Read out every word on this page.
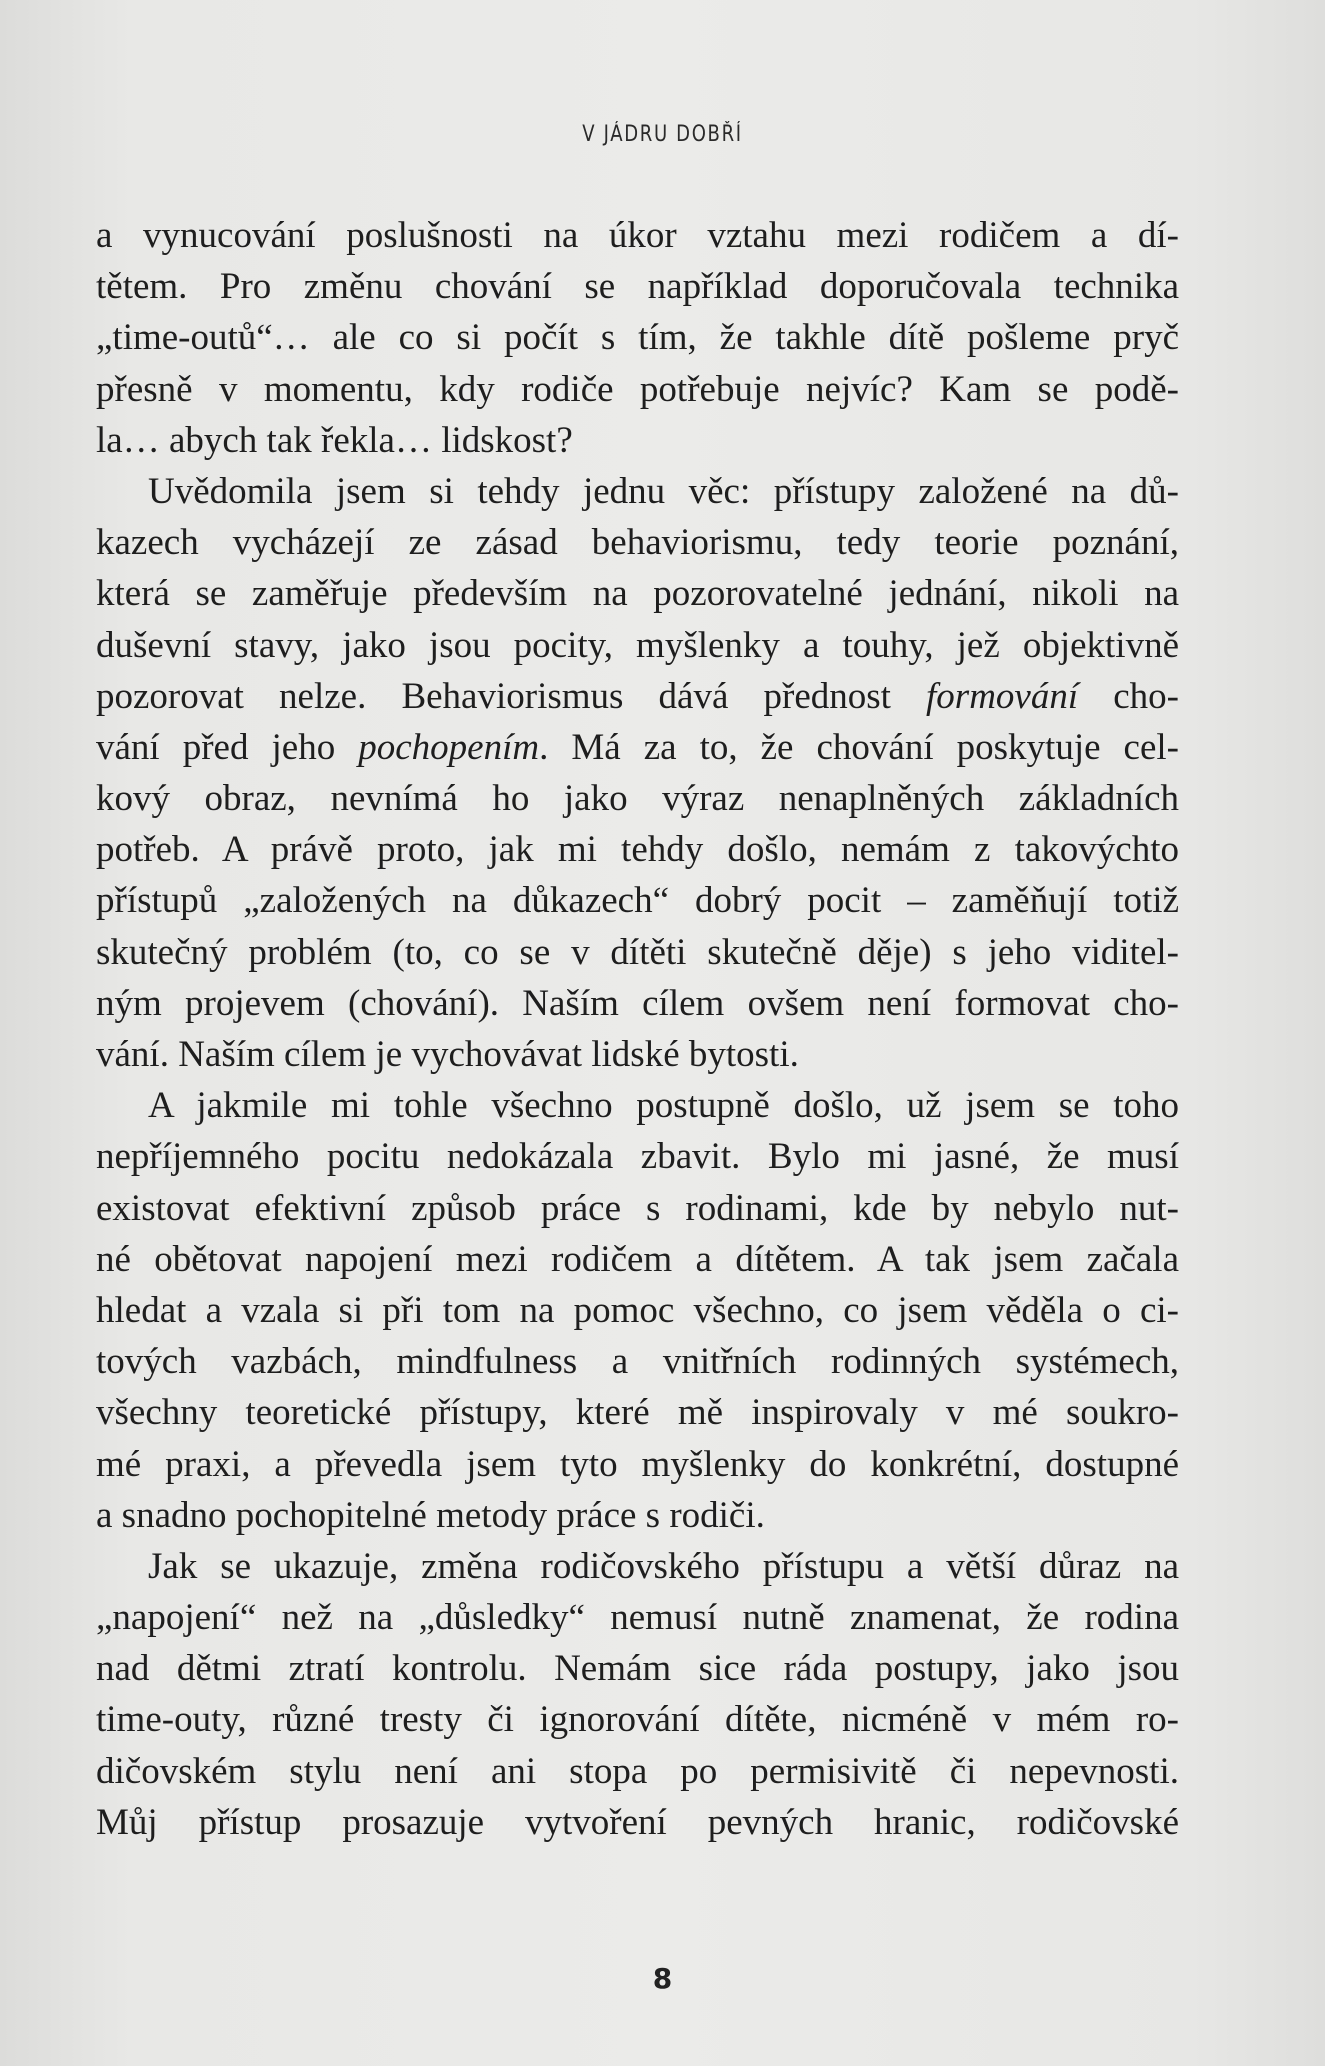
V JÁDRU DOBŘÍ
a vynucování poslušnosti na úkor vztahu mezi rodičem a dí-
tětem. Pro změnu chování se například doporučovala technika
„time-outů“… ale co si počít s tím, že takhle dítě pošleme pryč
přesně v momentu, kdy rodiče potřebuje nejvíc? Kam se podě-
la… abych tak řekla… lidskost?
Uvědomila jsem si tehdy jednu věc: přístupy založené na dů-
kazech vycházejí ze zásad behaviorismu, tedy teorie poznání,
která se zaměřuje především na pozorovatelné jednání, nikoli na
duševní stavy, jako jsou pocity, myšlenky a touhy, jež objektivně
pozorovat nelze. Behaviorismus dává přednost formování cho-
vání před jeho pochopením. Má za to, že chování poskytuje cel-
kový obraz, nevnímá ho jako výraz nenaplněných základních
potřeb. A právě proto, jak mi tehdy došlo, nemám z takovýchto
přístupů „založených na důkazech“ dobrý pocit – zaměňují totiž
skutečný problém (to, co se v dítěti skutečně děje) s jeho viditel-
ným projevem (chování). Naším cílem ovšem není formovat cho-
vání. Naším cílem je vychovávat lidské bytosti.
A jakmile mi tohle všechno postupně došlo, už jsem se toho
nepříjemného pocitu nedokázala zbavit. Bylo mi jasné, že musí
existovat efektivní způsob práce s rodinami, kde by nebylo nut-
né obětovat napojení mezi rodičem a dítětem. A tak jsem začala
hledat a vzala si při tom na pomoc všechno, co jsem věděla o ci-
tových vazbách, mindfulness a vnitřních rodinných systémech,
všechny teoretické přístupy, které mě inspirovaly v mé soukro-
mé praxi, a převedla jsem tyto myšlenky do konkrétní, dostupné
a snadno pochopitelné metody práce s rodiči.
Jak se ukazuje, změna rodičovského přístupu a větší důraz na
„napojení“ než na „důsledky“ nemusí nutně znamenat, že rodina
nad dětmi ztratí kontrolu. Nemám sice ráda postupy, jako jsou
time-outy, různé tresty či ignorování dítěte, nicméně v mém ro-
dičovském stylu není ani stopa po permisivitě či nepevnosti.
Můj přístup prosazuje vytvoření pevných hranic, rodičovské
8
